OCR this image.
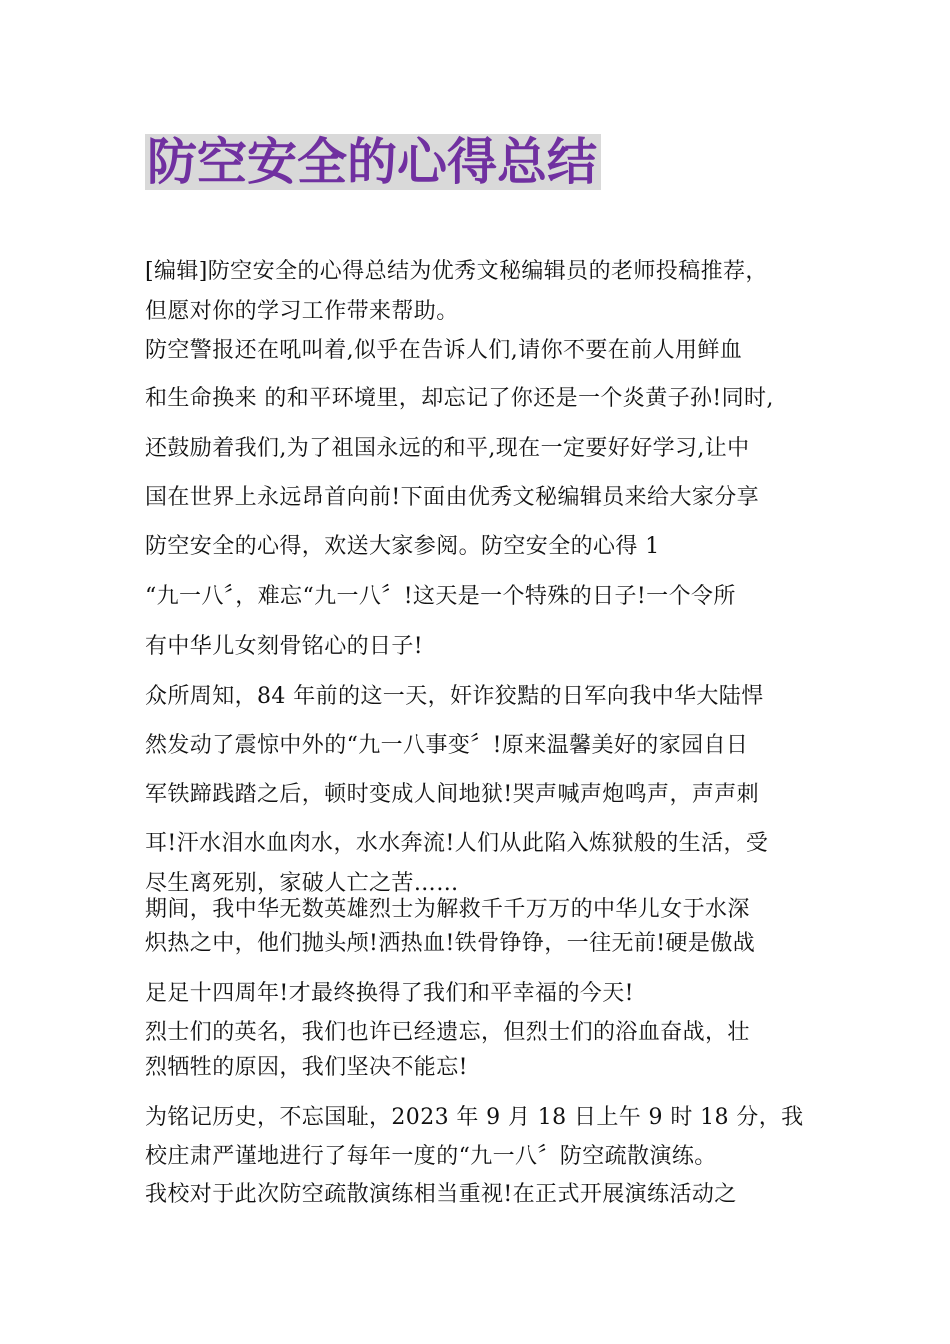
防空安全的心得总结
[编辑]防空安全的心得总结为优秀文秘编辑员的老师投稿推荐，
但愿对你的学习工作带来帮助。
防空警报还在吼叫着,似乎在告诉人们,请你不要在前人用鲜血
和生命换来 的和平环境里，却忘记了你还是一个炎黄子孙!同时,
还鼓励着我们,为了祖国永远的和平,现在一定要好好学习,让中
国在世界上永远昂首向前!下面由优秀文秘编辑员来给大家分享
防空安全的心得，欢送大家参阅。防空安全的心得 1
“九一八〞，难忘“九一八〞!这天是一个特殊的日子!一个令所
有中华儿女刻骨铭心的日子!
众所周知，84 年前的这一天，奸诈狡黠的日军向我中华大陆悍
然发动了震惊中外的“九一八事变〞!原来温馨美好的家园自日
军铁蹄践踏之后，顿时变成人间地狱!哭声喊声炮鸣声，声声刺
耳!汗水泪水血肉水，水水奔流!人们从此陷入炼狱般的生活，受
尽生离死别，家破人亡之苦……
期间，我中华无数英雄烈士为解救千千万万的中华儿女于水深
炽热之中，他们抛头颅!洒热血!铁骨铮铮，一往无前!硬是傲战
足足十四周年!才最终换得了我们和平幸福的今天!
烈士们的英名，我们也许已经遗忘，但烈士们的浴血奋战，壮
烈牺牲的原因，我们坚决不能忘!
为铭记历史，不忘国耻，2023 年 9 月 18 日上午 9 时 18 分，我
校庄肃严谨地进行了每年一度的“九一八〞防空疏散演练。
我校对于此次防空疏散演练相当重视!在正式开展演练活动之
